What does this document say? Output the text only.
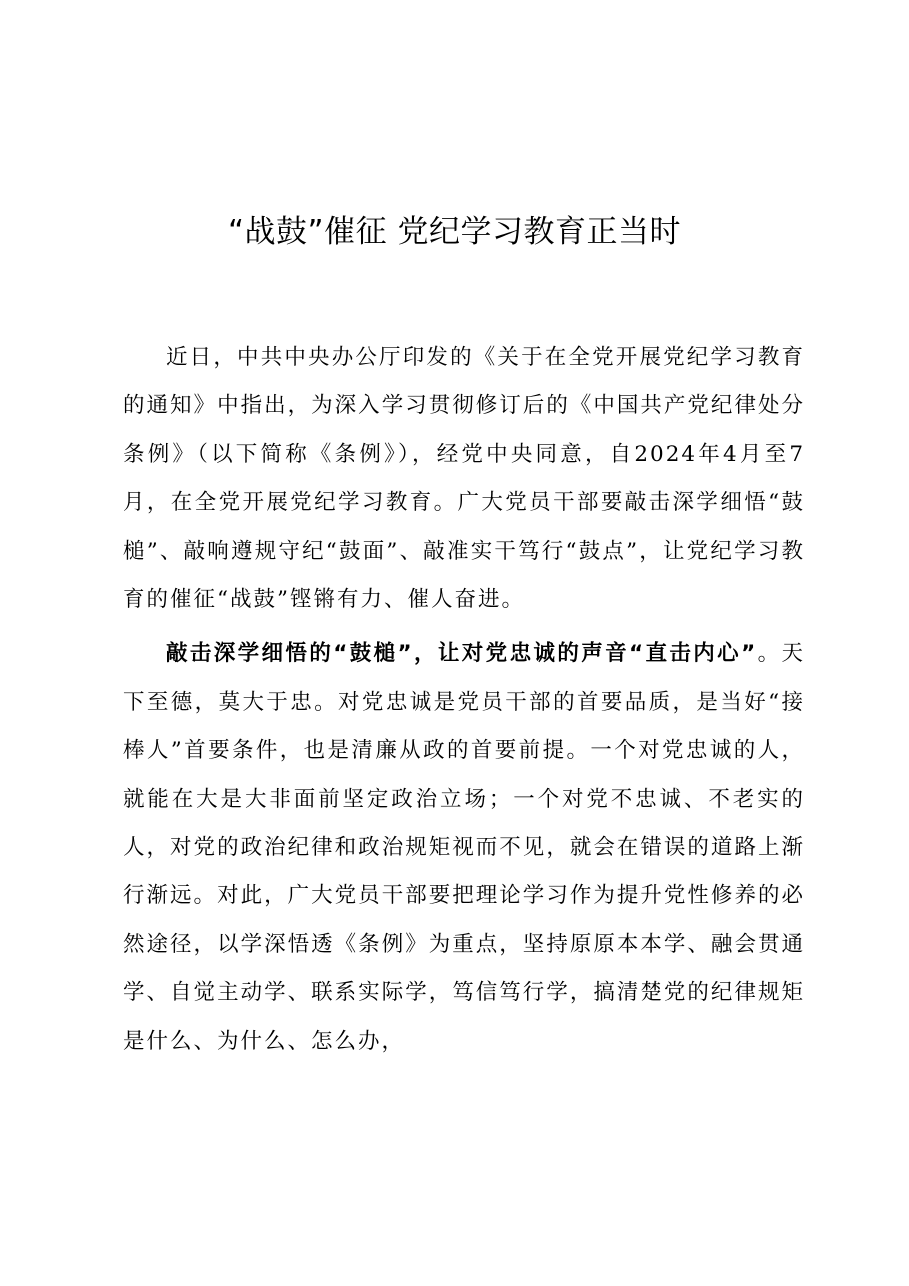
“战鼓”催征 党纪学习教育正当时

近日，中共中央办公厅印发的《关于在全党开展党纪学习教育的通知》中指出，为深入学习贯彻修订后的《中国共产党纪律处分条例》（以下简称《条例》），经党中央同意，自2024年4月至7月，在全党开展党纪学习教育。广大党员干部要敲击深学细悟“鼓槌”、敲响遵规守纪“鼓面”、敲准实干笃行“鼓点”，让党纪学习教育的催征“战鼓”铿锵有力、催人奋进。

敲击深学细悟的“鼓槌”，让对党忠诚的声音“直击内心”。天下至德，莫大于忠。对党忠诚是党员干部的首要品质，是当好“接棒人”首要条件，也是清廉从政的首要前提。一个对党忠诚的人，就能在大是大非面前坚定政治立场；一个对党不忠诚、不老实的人，对党的政治纪律和政治规矩视而不见，就会在错误的道路上渐行渐远。对此，广大党员干部要把理论学习作为提升党性修养的必然途径，以学深悟透《条例》为重点，坚持原原本本学、融会贯通学、自觉主动学、联系实际学，笃信笃行学，搞清楚党的纪律规矩是什么、为什么、怎么办，
